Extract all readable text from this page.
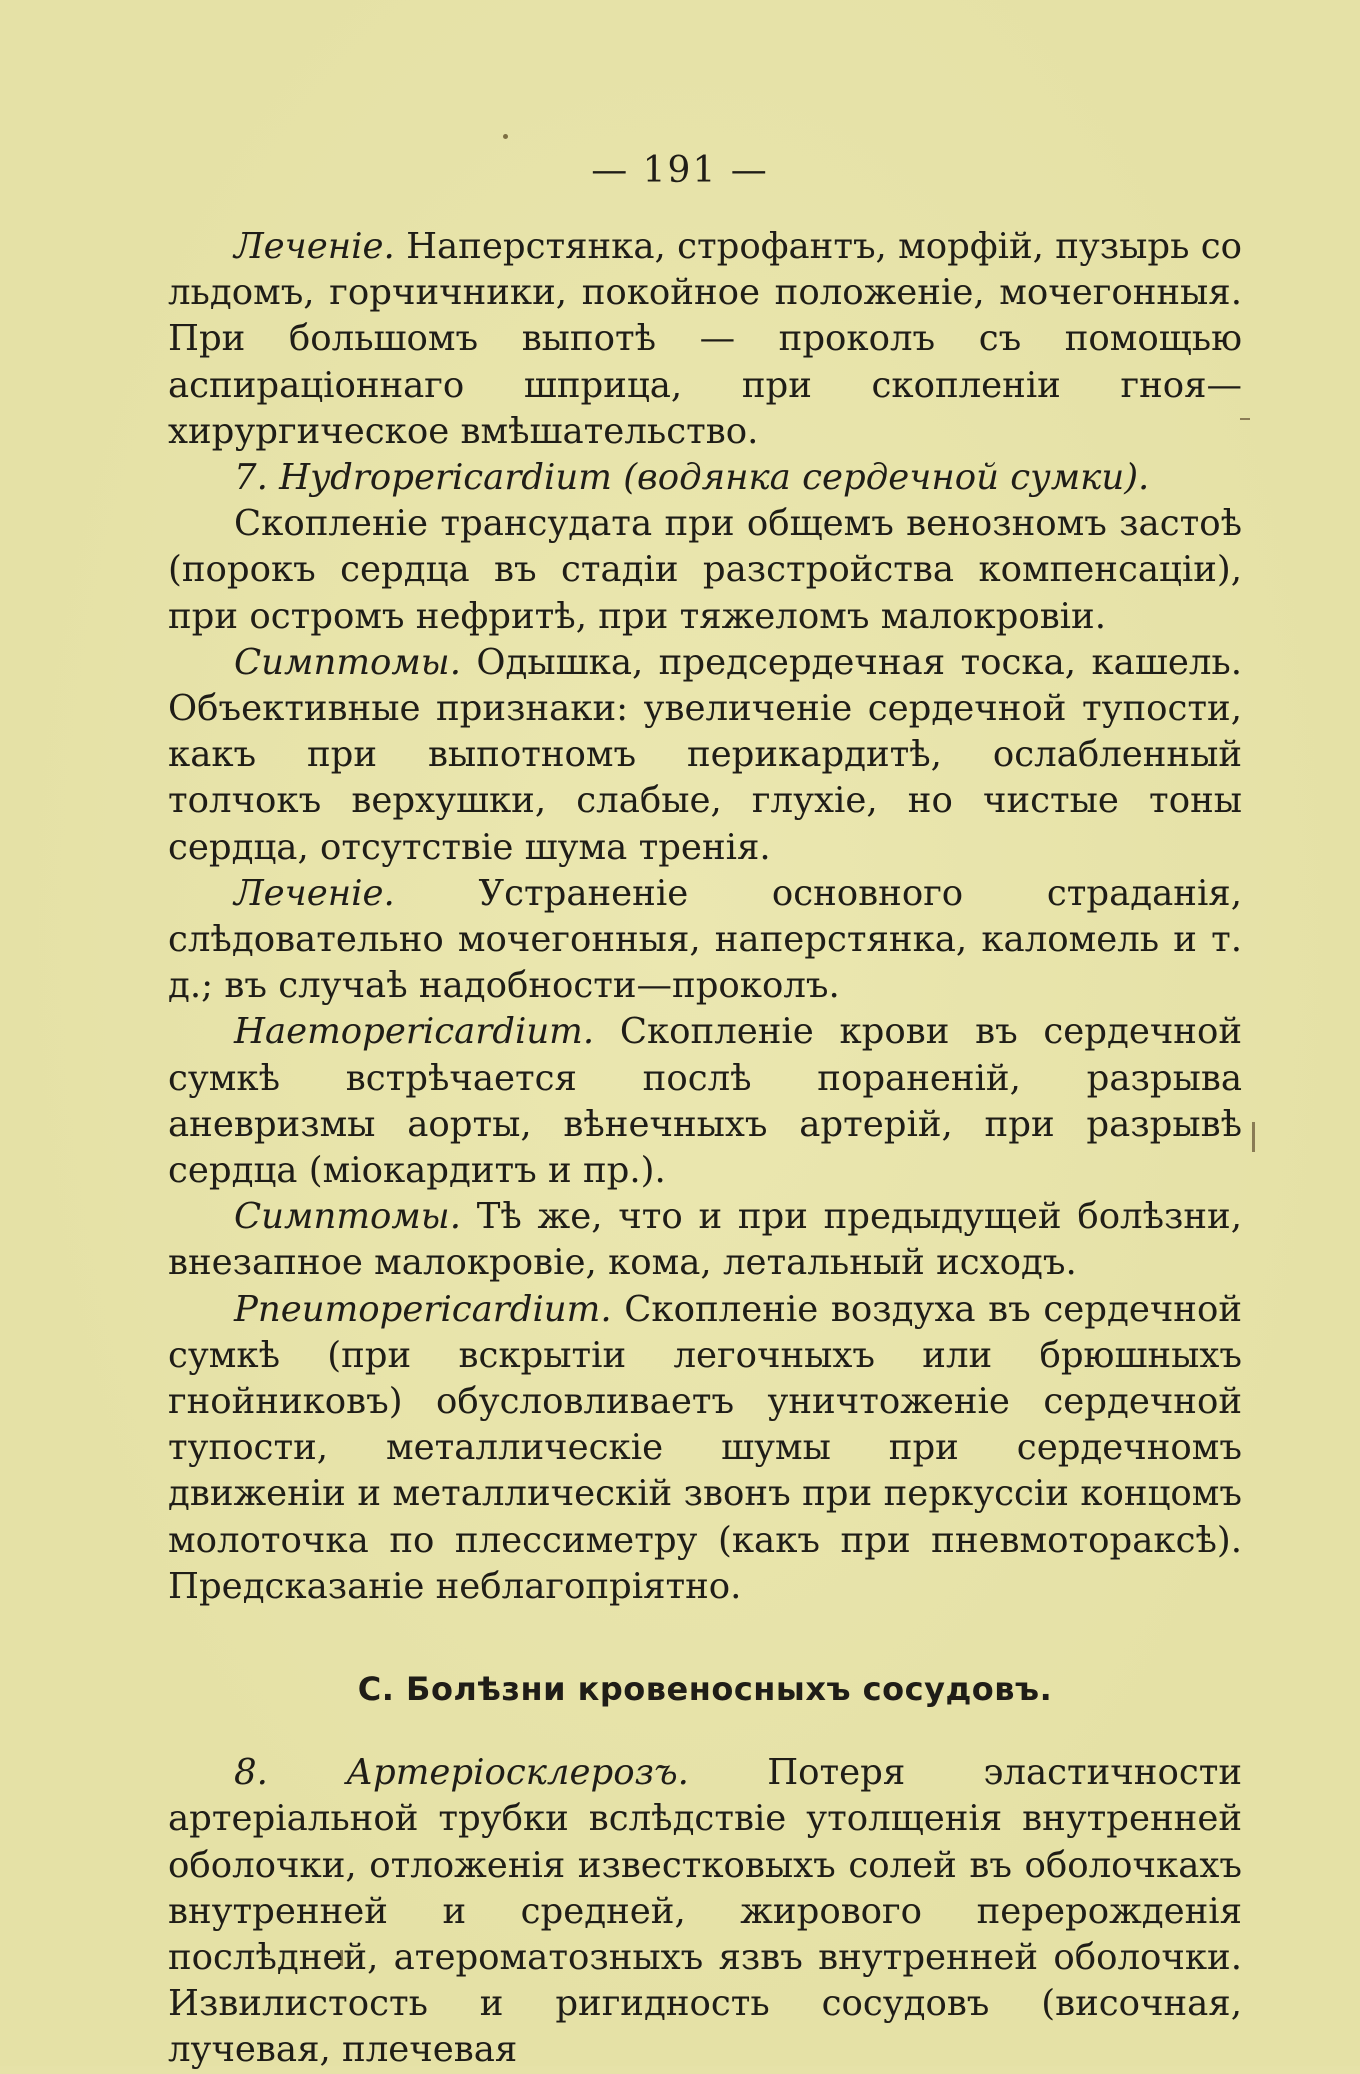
— 191 —

Леченіе. Наперстянка, строфантъ, морфій, пузырь со льдомъ, горчичники, покойное положеніе, мочегонныя. При большомъ выпотѣ — проколъ съ помощью аспираціоннаго шприца, при скопленіи гноя—хирургическое вмѣшательство.

7. Hydropericardium (водянка сердечной сумки).

Скопленіе трансудата при общемъ венозномъ застоѣ (порокъ сердца въ стадіи разстройства компенсаціи), при остромъ нефритѣ, при тяжеломъ малокровіи.

Симптомы. Одышка, предсердечная тоска, кашель. Объективные признаки: увеличеніе сердечной тупости, какъ при выпотномъ перикардитѣ, ослабленный толчокъ верхушки, слабые, глухіе, но чистые тоны сердца, отсутствіе шума тренія.

Леченіе. Устраненіе основного страданія, слѣдовательно мочегонныя, наперстянка, каломель и т. д.; въ случаѣ надобности—проколъ.

Haemopericardium. Скопленіе крови въ сердечной сумкѣ встрѣчается послѣ пораненій, разрыва аневризмы аорты, вѣнечныхъ артерій, при разрывѣ сердца (міокардитъ и пр.).

Симптомы. Тѣ же, что и при предыдущей болѣзни, внезапное малокровіе, кома, летальный исходъ.

Pneumopericardium. Скопленіе воздуха въ сердечной сумкѣ (при вскрытіи легочныхъ или брюшныхъ гнойниковъ) обусловливаетъ уничтоженіе сердечной тупости, металлическіе шумы при сердечномъ движеніи и металлическій звонъ при перкуссіи концомъ молоточка по плессиметру (какъ при пневмотораксѣ). Предсказаніе неблагопріятно.

C. Болѣзни кровеносныхъ сосудовъ.

8. Артеріосклерозъ. Потеря эластичности артеріальной трубки вслѣдствіе утолщенія внутренней оболочки, отложенія известковыхъ солей въ оболочкахъ внутренней и средней, жирового перерожденія послѣдней, атероматозныхъ язвъ внутренней оболочки. Извилистость и ригидность сосудовъ (височная, лучевая, плечевая
